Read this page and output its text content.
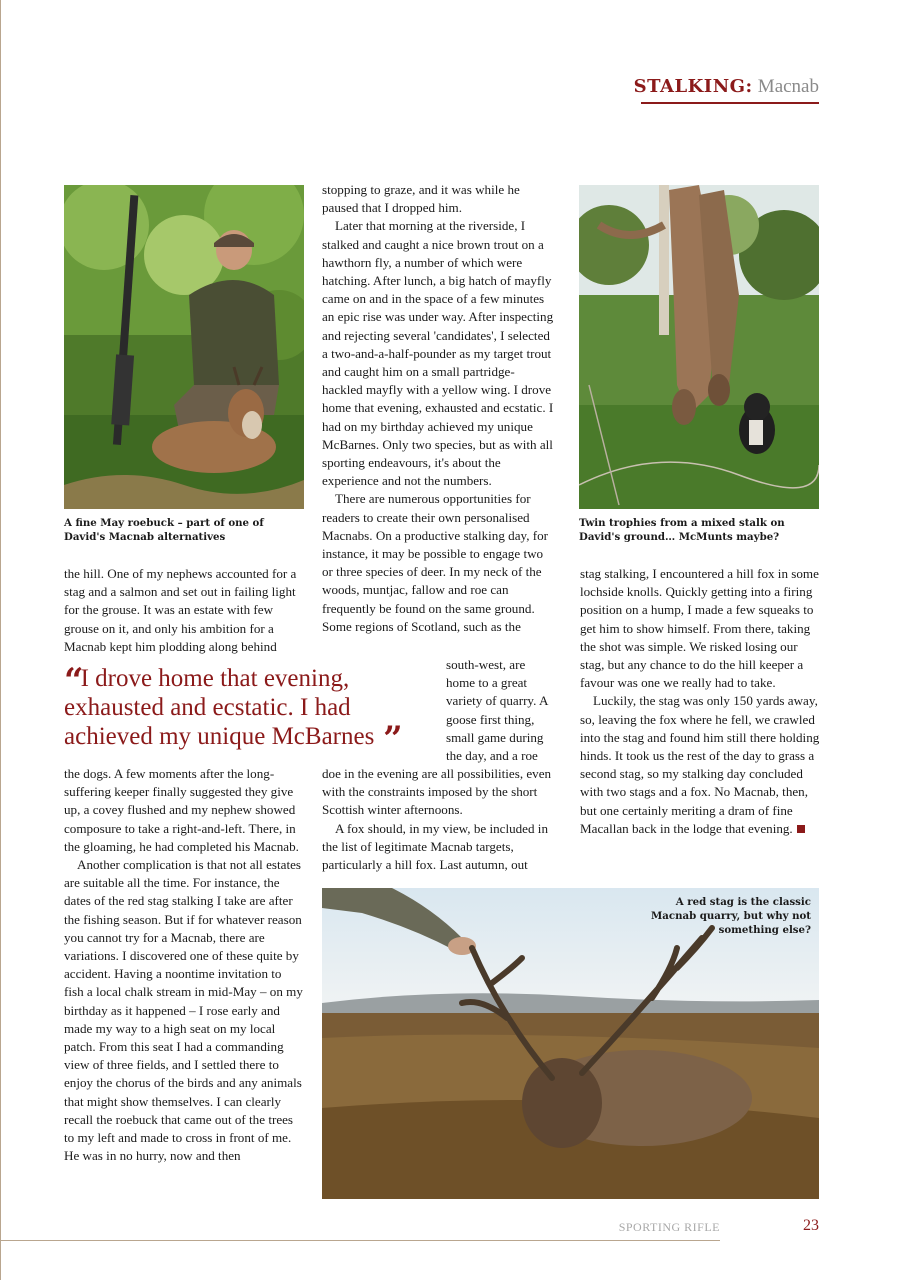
STALKING: Macnab
A fine May roebuck – part of one of David's Macnab alternatives
Twin trophies from a mixed stalk on David's ground… McMunts maybe?

the hill. One of my nephews accounted for a stag and a salmon and set out in failing light for the grouse. It was an estate with few grouse on it, and only his ambition for a Macnab kept him plodding along behind

“I drove home that evening, exhausted and ecstatic. I had achieved my unique McBarnes ”

the dogs. A few moments after the long-suffering keeper finally suggested they give up, a covey flushed and my nephew showed composure to take a right-and-left. There, in the gloaming, he had completed his Macnab.

Another complication is that not all estates are suitable all the time. For instance, the dates of the red stag stalking I take are after the fishing season. But if for whatever reason you cannot try for a Macnab, there are variations. I discovered one of these quite by accident. Having a noontime invitation to fish a local chalk stream in mid-May – on my birthday as it happened – I rose early and made my way to a high seat on my local patch. From this seat I had a commanding view of three fields, and I settled there to enjoy the chorus of the birds and any animals that might show themselves. I can clearly recall the roebuck that came out of the trees to my left and made to cross in front of me. He was in no hurry, now and then

stopping to graze, and it was while he paused that I dropped him.

Later that morning at the riverside, I stalked and caught a nice brown trout on a hawthorn fly, a number of which were hatching. After lunch, a big hatch of mayfly came on and in the space of a few minutes an epic rise was under way. After inspecting and rejecting several 'candidates', I selected a two-and-a-half-pounder as my target trout and caught him on a small partridge-hackled mayfly with a yellow wing. I drove home that evening, exhausted and ecstatic. I had on my birthday achieved my unique McBarnes. Only two species, but as with all sporting endeavours, it's about the experience and not the numbers.

There are numerous opportunities for readers to create their own personalised Macnabs. On a productive stalking day, for instance, it may be possible to engage two or three species of deer. In my neck of the woods, muntjac, fallow and roe can frequently be found on the same ground. Some regions of Scotland, such as the

south-west, are home to a great variety of quarry. A goose first thing, small game during the day, and a roe

doe in the evening are all possibilities, even with the constraints imposed by the short Scottish winter afternoons.

A fox should, in my view, be included in the list of legitimate Macnab targets, particularly a hill fox. Last autumn, out

stag stalking, I encountered a hill fox in some lochside knolls. Quickly getting into a firing position on a hump, I made a few squeaks to get him to show himself. From there, taking the shot was simple. We risked losing our stag, but any chance to do the hill keeper a favour was one we really had to take.

Luckily, the stag was only 150 yards away, so, leaving the fox where he fell, we crawled into the stag and found him still there holding hinds. It took us the rest of the day to grass a second stag, so my stalking day concluded with two stags and a fox. No Macnab, then, but one certainly meriting a dram of fine Macallan back in the lodge that evening.

A red stag is the classic Macnab quarry, but why not something else?
SPORTING RIFLE	23
